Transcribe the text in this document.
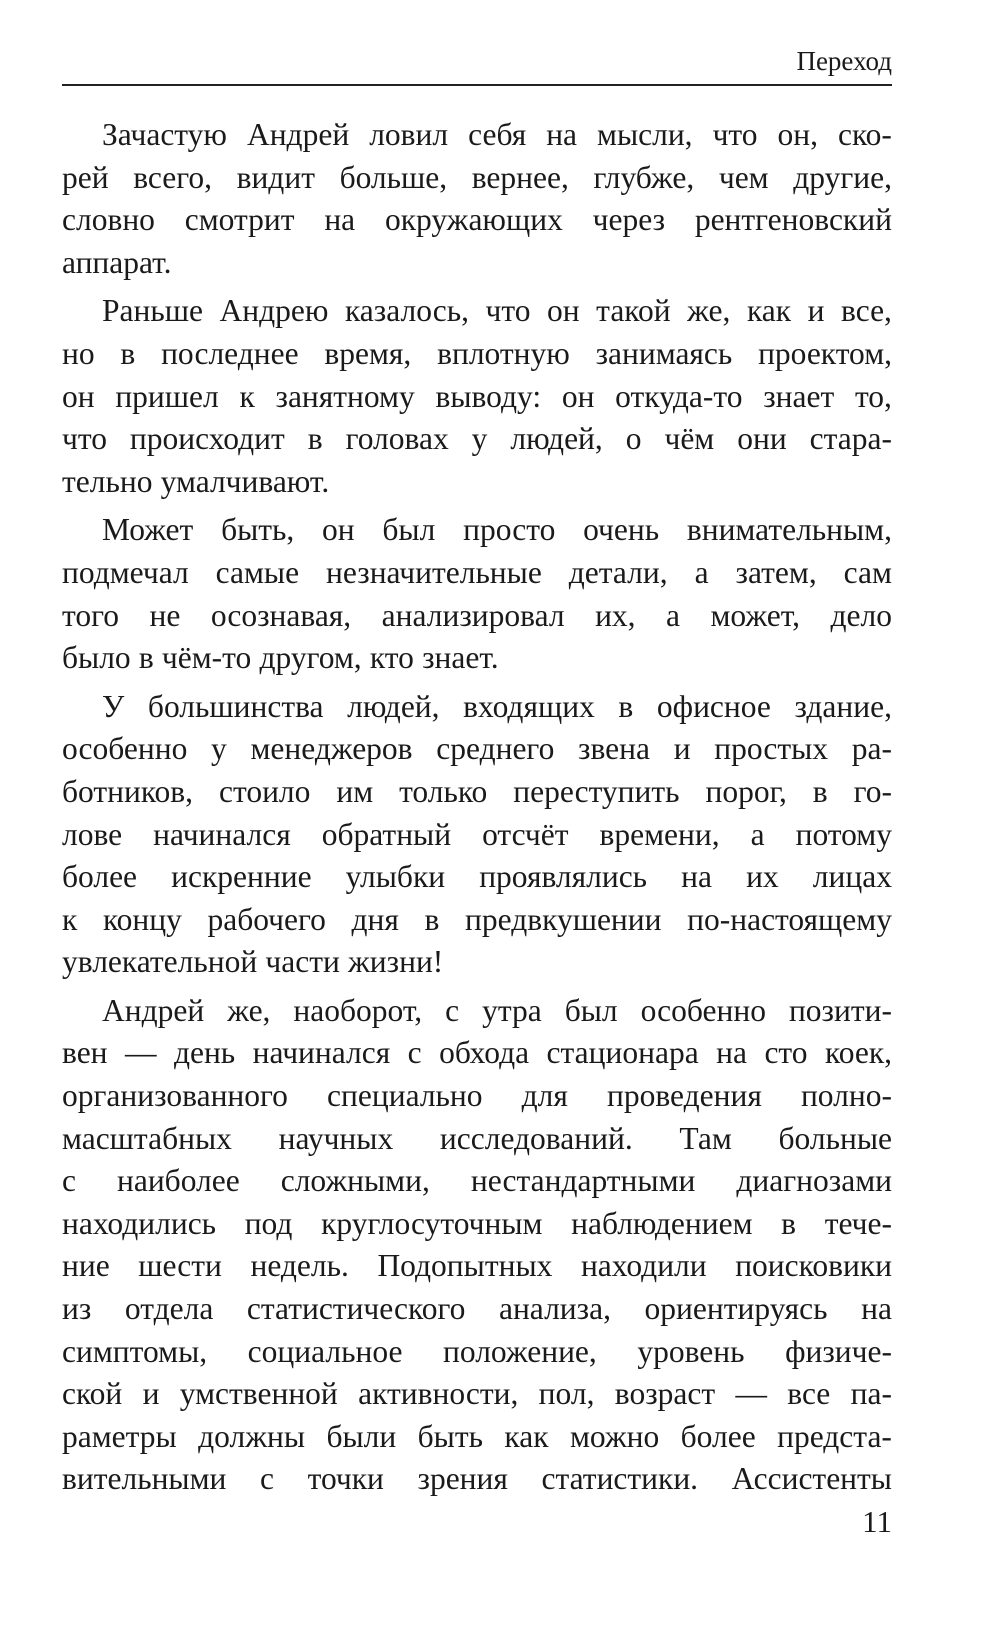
Переход
Зачастую Андрей ловил себя на мысли, что он, ско-
рей всего, видит больше, вернее, глубже, чем другие,
словно смотрит на окружающих через рентгеновский
аппарат.
Раньше Андрею казалось, что он такой же, как и все,
но в последнее время, вплотную занимаясь проектом,
он пришел к занятному выводу: он откуда-то знает то,
что происходит в головах у людей, о чём они стара-
тельно умалчивают.
Может быть, он был просто очень внимательным,
подмечал самые незначительные детали, а затем, сам
того не осознавая, анализировал их, а может, дело
было в чём-то другом, кто знает.
У большинства людей, входящих в офисное здание,
особенно у менеджеров среднего звена и простых ра-
ботников, стоило им только переступить порог, в го-
лове начинался обратный отсчёт времени, а потому
более искренние улыбки проявлялись на их лицах
к концу рабочего дня в предвкушении по-настоящему
увлекательной части жизни!
Андрей же, наоборот, с утра был особенно позити-
вен — день начинался с обхода стационара на сто коек,
организованного специально для проведения полно-
масштабных научных исследований. Там больные
с наиболее сложными, нестандартными диагнозами
находились под круглосуточным наблюдением в тече-
ние шести недель. Подопытных находили поисковики
из отдела статистического анализа, ориентируясь на
симптомы, социальное положение, уровень физиче-
ской и умственной активности, пол, возраст — все па-
раметры должны были быть как можно более предста-
вительными с точки зрения статистики. Ассистенты
11
